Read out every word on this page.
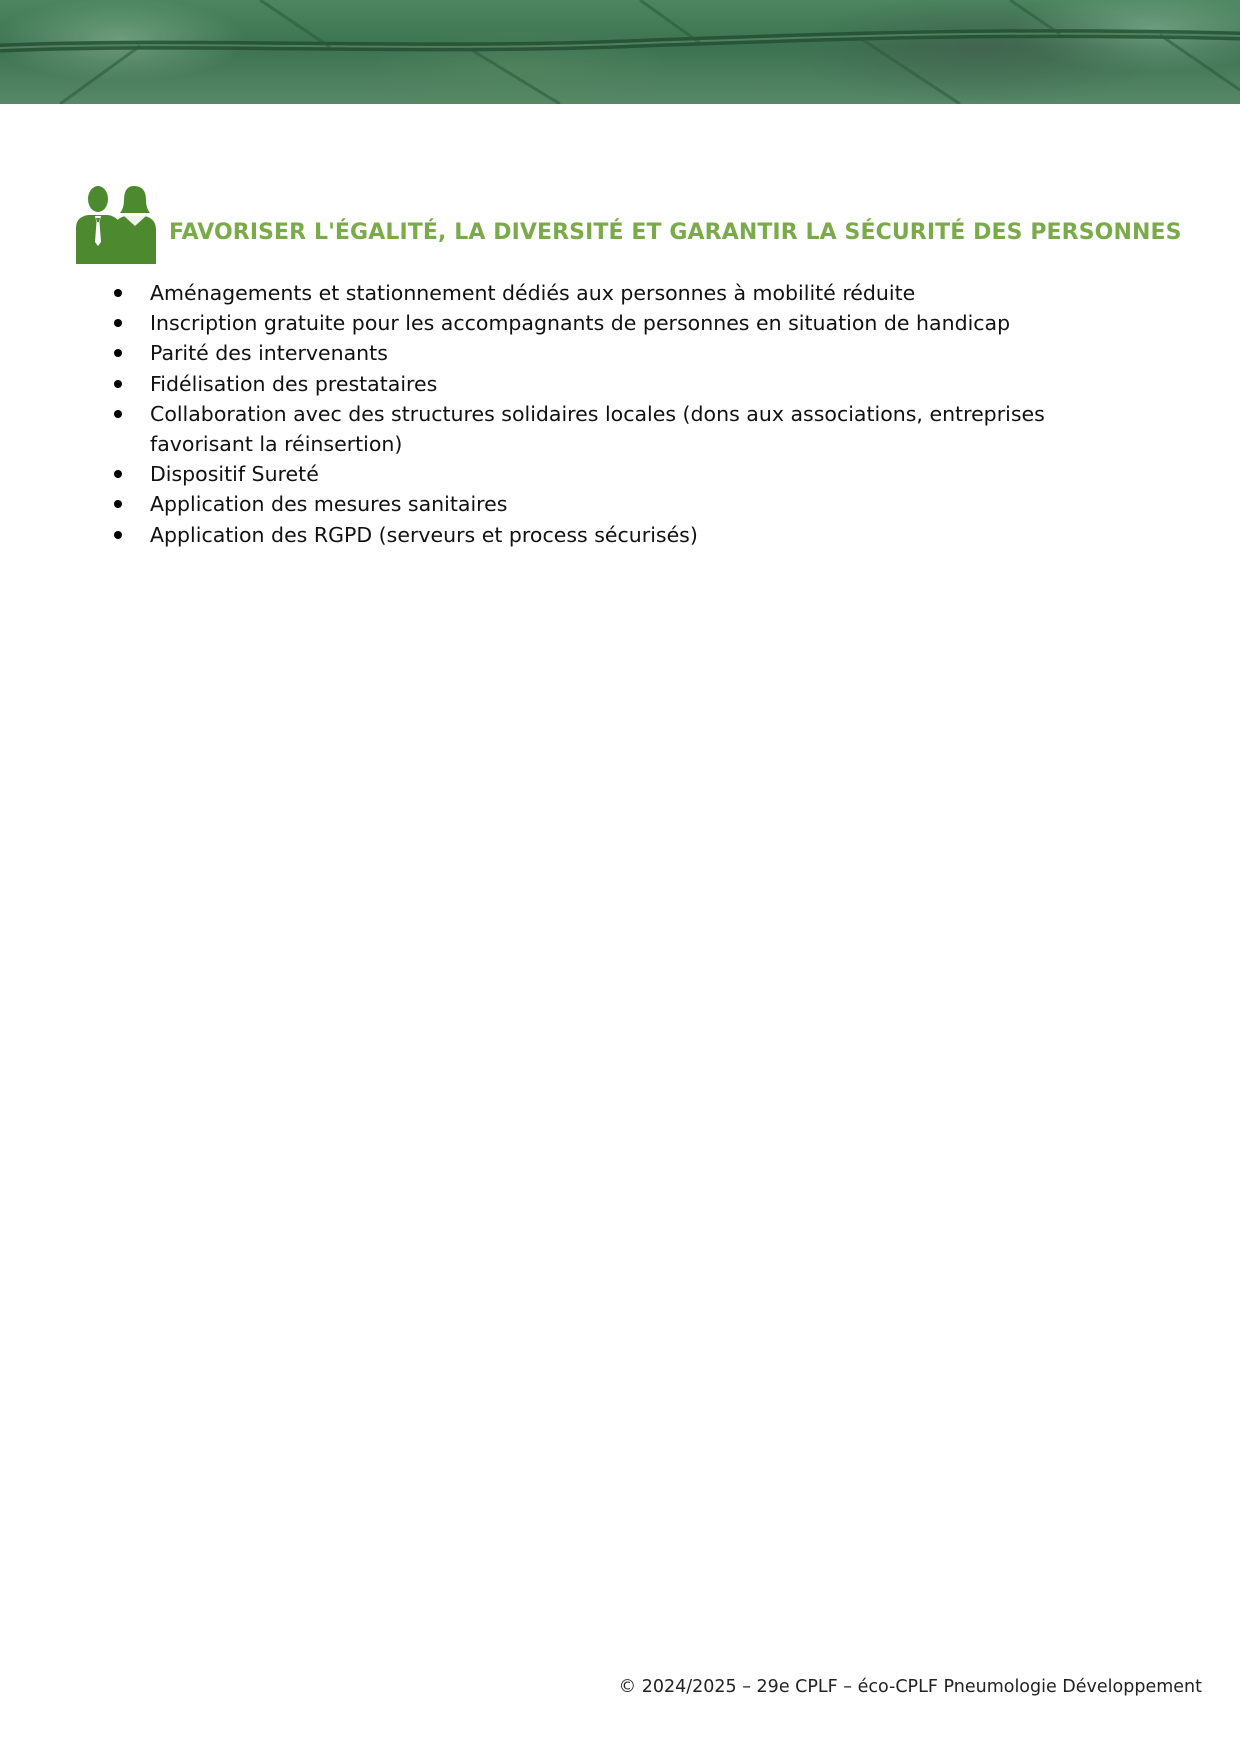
FAVORISER L'ÉGALITÉ, LA DIVERSITÉ ET GARANTIR LA SÉCURITÉ DES PERSONNES
Aménagements et stationnement dédiés aux personnes à mobilité réduite
Inscription gratuite pour les accompagnants de personnes en situation de handicap
Parité des intervenants
Fidélisation des prestataires
Collaboration avec des structures solidaires locales (dons aux associations, entreprises favorisant la réinsertion)
Dispositif Sureté
Application des mesures sanitaires
Application des RGPD (serveurs et process sécurisés)

© 2024/2025 – 29e CPLF – éco-CPLF Pneumologie Développement
